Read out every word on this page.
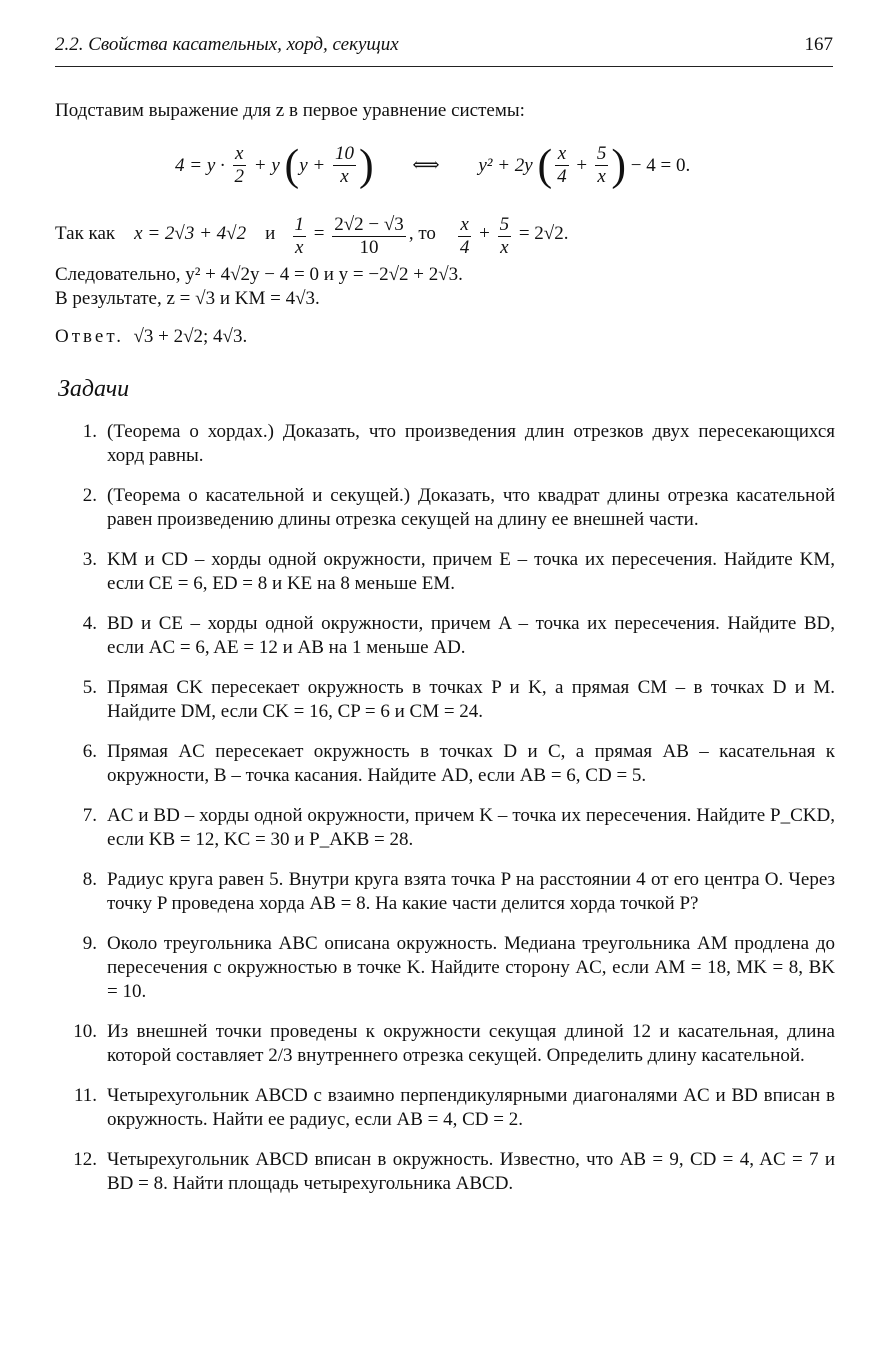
2.2. Свойства касательных, хорд, секущих	167
Подставим выражение для z в первое уравнение системы:
$4 = y \cdot \frac{x}{2} + y$ ($y + \frac{10}{x}$ ) ⟺ y² + 2y ( $\frac{x}{4} + \frac{5}{x}$ ) − 4 = 0.
Так как x = 2√3 + 4√2 и $\frac{1}{x} = \frac{2√2 - √3}{10}$ , то $\frac{x}{4} + \frac{5}{x} = 2√2$.
Следовательно, y² + 4√2y − 4 = 0 и y = −2√2 + 2√3.
В результате, z = √3 и KM = 4√3.
Ответ. √3 + 2√2; 4√3.
Задачи
1. (Теорема о хордах.) Доказать, что произведения длин отрезков двух пересекающихся хорд равны.
2. (Теорема о касательной и секущей.) Доказать, что квадрат длины отрезка касательной равен произведению длины отрезка секущей на длину ее внешней части.
3. KM и CD – хорды одной окружности, причем E – точка их пересечения. Найдите KM, если CE = 6, ED = 8 и KE на 8 меньше EM.
4. BD и CE – хорды одной окружности, причем A – точка их пересечения. Найдите BD, если AC = 6, AE = 12 и AB на 1 меньше AD.
5. Прямая CK пересекает окружность в точках P и K, а прямая CM – в точках D и M. Найдите DM, если CK = 16, CP = 6 и CM = 24.
6. Прямая AC пересекает окружность в точках D и C, а прямая AB – касательная к окружности, B – точка касания. Найдите AD, если AB = 6, CD = 5.
7. AC и BD – хорды одной окружности, причем K – точка их пересечения. Найдите P_CKD, если KB = 12, KC = 30 и P_AKB = 28.
8. Радиус круга равен 5. Внутри круга взята точка P на расстоянии 4 от его центра O. Через точку P проведена хорда AB = 8. На какие части делится хорда точкой P?
9. Около треугольника ABC описана окружность. Медиана треугольника AM продлена до пересечения с окружностью в точке K. Найдите сторону AC, если AM = 18, MK = 8, BK = 10.
10. Из внешней точки проведены к окружности секущая длиной 12 и касательная, длина которой составляет 2/3 внутреннего отрезка секущей. Определить длину касательной.
11. Четырехугольник ABCD с взаимно перпендикулярными диагоналями AC и BD вписан в окружность. Найти ее радиус, если AB = 4, CD = 2.
12. Четырехугольник ABCD вписан в окружность. Известно, что AB = 9, CD = 4, AC = 7 и BD = 8. Найти площадь четырехугольника ABCD.
